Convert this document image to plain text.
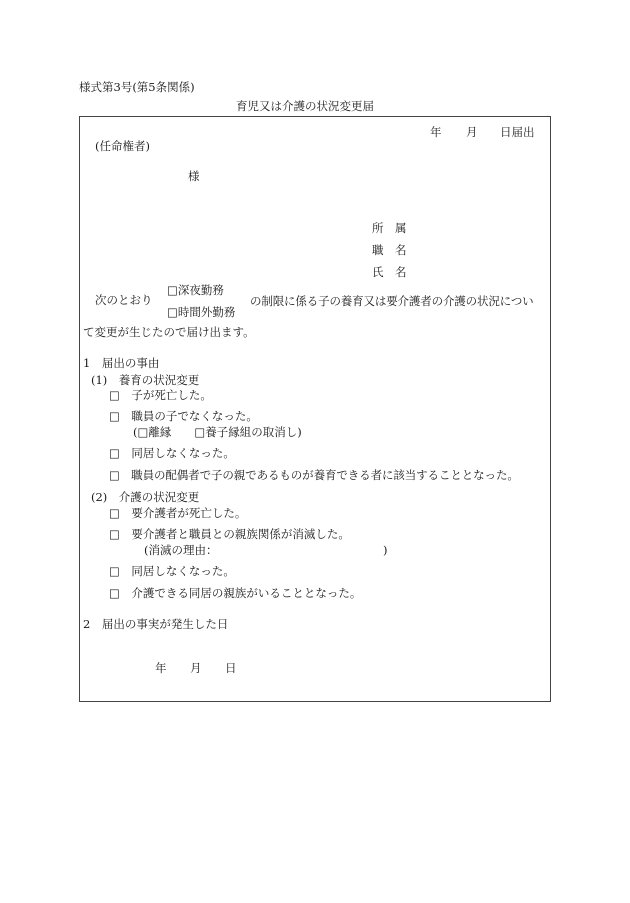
様式第3号(第5条関係)
育児又は介護の状況変更届
年 月 日届出
(任命権者)
様
所　属
職　名
氏　名
次のとおり
□深夜勤務
□時間外勤務
の制限に係る子の養育又は要介護者の介護の状況につい
て変更が生じたので届け出ます。
1　届出の事由
(1)　養育の状況変更
□　子が死亡した。
□　職員の子でなくなった。
(□離縁　　□養子縁組の取消し)
□　同居しなくなった。
□　職員の配偶者で子の親であるものが養育できる者に該当することとなった。
(2)　介護の状況変更
□　要介護者が死亡した。
□　要介護者と職員との親族関係が消滅した。
(消滅の理由：	)
□　同居しなくなった。
□　介護できる同居の親族がいることとなった。
2　届出の事実が発生した日
年 月 日
